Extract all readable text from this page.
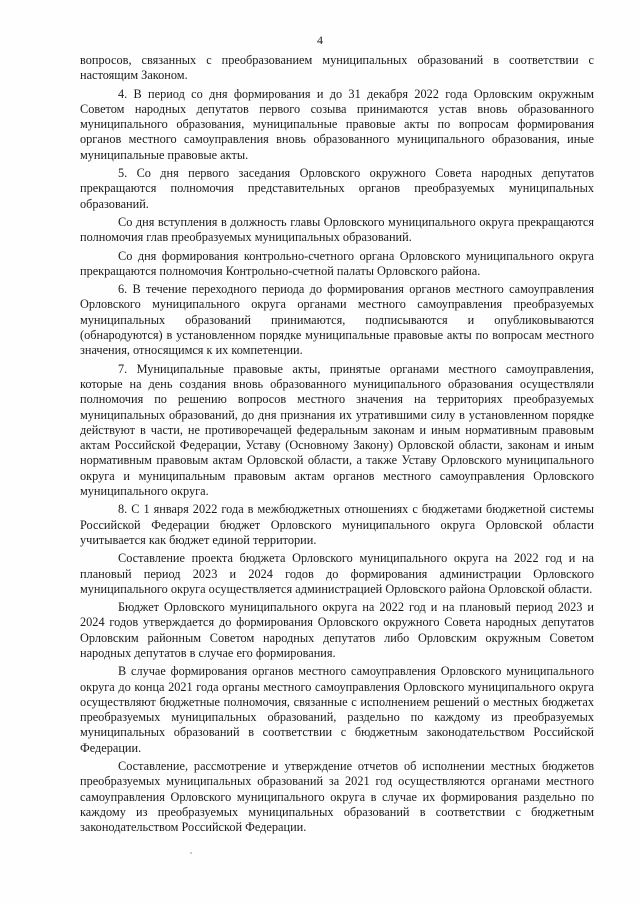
4

вопросов, связанных с преобразованием муниципальных образований в соответствии с настоящим Законом.

4. В период со дня формирования и до 31 декабря 2022 года Орловским окружным Советом народных депутатов первого созыва принимаются устав вновь образованного муниципального образования, муниципальные правовые акты по вопросам формирования органов местного самоуправления вновь образованного муниципального образования, иные муниципальные правовые акты.

5. Со дня первого заседания Орловского окружного Совета народных депутатов прекращаются полномочия представительных органов преобразуемых муниципальных образований.

Со дня вступления в должность главы Орловского муниципального округа прекращаются полномочия глав преобразуемых муниципальных образований.

Со дня формирования контрольно-счетного органа Орловского муниципального округа прекращаются полномочия Контрольно-счетной палаты Орловского района.

6. В течение переходного периода до формирования органов местного самоуправления Орловского муниципального округа органами местного самоуправления преобразуемых муниципальных образований принимаются, подписываются и опубликовываются (обнародуются) в установленном порядке муниципальные правовые акты по вопросам местного значения, относящимся к их компетенции.

7. Муниципальные правовые акты, принятые органами местного самоуправления, которые на день создания вновь образованного муниципального образования осуществляли полномочия по решению вопросов местного значения на территориях преобразуемых муниципальных образований, до дня признания их утратившими силу в установленном порядке действуют в части, не противоречащей федеральным законам и иным нормативным правовым актам Российской Федерации, Уставу (Основному Закону) Орловской области, законам и иным нормативным правовым актам Орловской области, а также Уставу Орловского муниципального округа и муниципальным правовым актам органов местного самоуправления Орловского муниципального округа.

8. С 1 января 2022 года в межбюджетных отношениях с бюджетами бюджетной системы Российской Федерации бюджет Орловского муниципального округа Орловской области учитывается как бюджет единой территории.

Составление проекта бюджета Орловского муниципального округа на 2022 год и на плановый период 2023 и 2024 годов до формирования администрации Орловского муниципального округа осуществляется администрацией Орловского района Орловской области.

Бюджет Орловского муниципального округа на 2022 год и на плановый период 2023 и 2024 годов утверждается до формирования Орловского окружного Совета народных депутатов Орловским районным Советом народных депутатов либо Орловским окружным Советом народных депутатов в случае его формирования.

В случае формирования органов местного самоуправления Орловского муниципального округа до конца 2021 года органы местного самоуправления Орловского муниципального округа осуществляют бюджетные полномочия, связанные с исполнением решений о местных бюджетах преобразуемых муниципальных образований, раздельно по каждому из преобразуемых муниципальных образований в соответствии с бюджетным законодательством Российской Федерации.

Составление, рассмотрение и утверждение отчетов об исполнении местных бюджетов преобразуемых муниципальных образований за 2021 год осуществляются органами местного самоуправления Орловского муниципального округа в случае их формирования раздельно по каждому из преобразуемых муниципальных образований в соответствии с бюджетным законодательством Российской Федерации.
